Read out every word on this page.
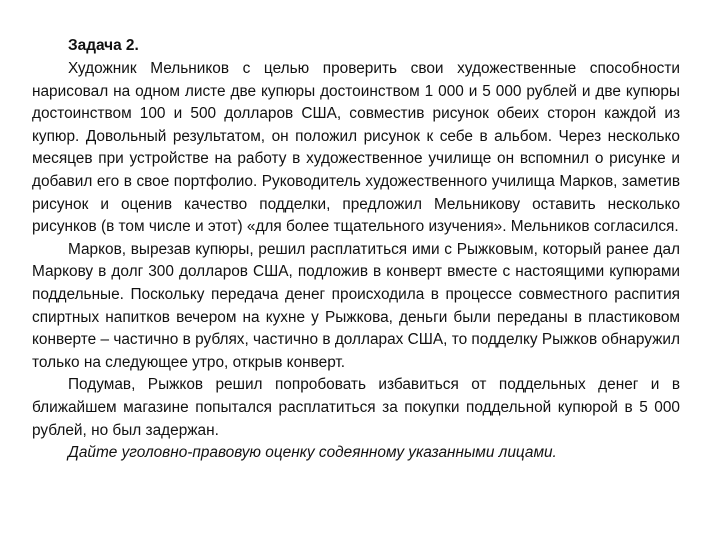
Задача 2.

Художник Мельников с целью проверить свои художественные способности нарисовал на одном листе две купюры достоинством 1 000 и 5 000 рублей и две купюры достоинством 100 и 500 долларов США, совместив рисунок обеих сторон каждой из купюр. Довольный результатом, он положил рисунок к себе в альбом. Через несколько месяцев при устройстве на работу в художественное училище он вспомнил о рисунке и добавил его в свое портфолио. Руководитель художественного училища Марков, заметив рисунок и оценив качество подделки, предложил Мельникову оставить несколько рисунков (в том числе и этот) «для более тщательного изучения». Мельников согласился.

Марков, вырезав купюры, решил расплатиться ими с Рыжковым, который ранее дал Маркову в долг 300 долларов США, подложив в конверт вместе с настоящими купюрами поддельные. Поскольку передача денег происходила в процессе совместного распития спиртных напитков вечером на кухне у Рыжкова, деньги были переданы в пластиковом конверте – частично в рублях, частично в долларах США, то подделку Рыжков обнаружил только на следующее утро, открыв конверт.

Подумав, Рыжков решил попробовать избавиться от поддельных денег и в ближайшем магазине попытался расплатиться за покупки поддельной купюрой в 5 000 рублей, но был задержан.

Дайте уголовно-правовую оценку содеянному указанными лицами.
